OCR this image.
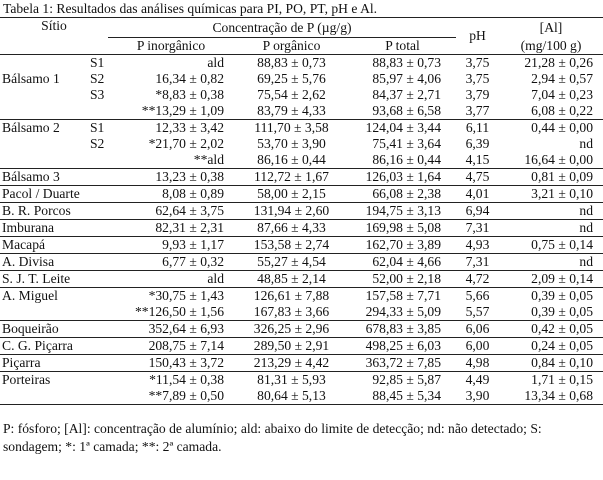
Tabela 1: Resultados das análises químicas para PI, PO, PT, pH e Al.
Sítio		Concentração de P (µg/g)			pH	[Al]
		P inorgânico	P orgânico	P total		(mg/100 g)
	S1	ald	88,83 ± 0,73	88,83 ± 0,73	3,75	21,28 ± 0,26
Bálsamo 1	S2	16,34 ± 0,82	69,25 ± 5,76	85,97 ± 4,06	3,75	2,94 ± 0,57
	S3	*8,83 ± 0,38	75,54 ± 2,62	84,37 ± 2,71	3,79	7,04 ± 0,23
		**13,29 ± 1,09	83,79 ± 4,33	93,68 ± 6,58	3,77	6,08 ± 0,22
Bálsamo 2	S1	12,33 ± 3,42	111,70 ± 3,58	124,04 ± 3,44	6,11	0,44 ± 0,00
	S2	*21,70 ± 2,02	53,70 ± 3,90	75,41 ± 3,64	6,39	nd
		**ald	86,16 ± 0,44	86,16 ± 0,44	4,15	16,64 ± 0,00
Bálsamo 3		13,23 ± 0,38	112,72 ± 1,67	126,03 ± 1,64	4,75	0,81 ± 0,09
Pacol / Duarte		8,08 ± 0,89	58,00 ± 2,15	66,08 ± 2,38	4,01	3,21 ± 0,10
B. R. Porcos		62,64 ± 3,75	131,94 ± 2,60	194,75 ± 3,13	6,94	nd
Imburana		82,31 ± 2,31	87,66 ± 4,33	169,98 ± 5,08	7,31	nd
Macapá		9,93 ± 1,17	153,58 ± 2,74	162,70 ± 3,89	4,93	0,75 ± 0,14
A. Divisa		6,77 ± 0,32	55,27 ± 4,54	62,04 ± 4,66	7,31	nd
S. J. T. Leite		ald	48,85 ± 2,14	52,00 ± 2,18	4,72	2,09 ± 0,14
A. Miguel		*30,75 ± 1,43	126,61 ± 7,88	157,58 ± 7,71	5,66	0,39 ± 0,05
		**126,50 ± 1,56	167,83 ± 3,66	294,33 ± 5,09	5,57	0,39 ± 0,05
Boqueirão		352,64 ± 6,93	326,25 ± 2,96	678,83 ± 3,85	6,06	0,42 ± 0,05
C. G. Piçarra		208,75 ± 7,14	289,50 ± 2,91	498,25 ± 6,03	6,00	0,24 ± 0,05
Piçarra		150,43 ± 3,72	213,29 ± 4,42	363,72 ± 7,85	4,98	0,84 ± 0,10
Porteiras		*11,54 ± 0,38	81,31 ± 5,93	92,85 ± 5,87	4,49	1,71 ± 0,15
		**7,89 ± 0,50	80,64 ± 5,13	88,45 ± 5,34	3,90	13,34 ± 0,68
P: fósforo; [Al]: concentração de alumínio; ald: abaixo do limite de detecção; nd: não detectado; S: sondagem; *: 1ª camada; **: 2ª camada.
